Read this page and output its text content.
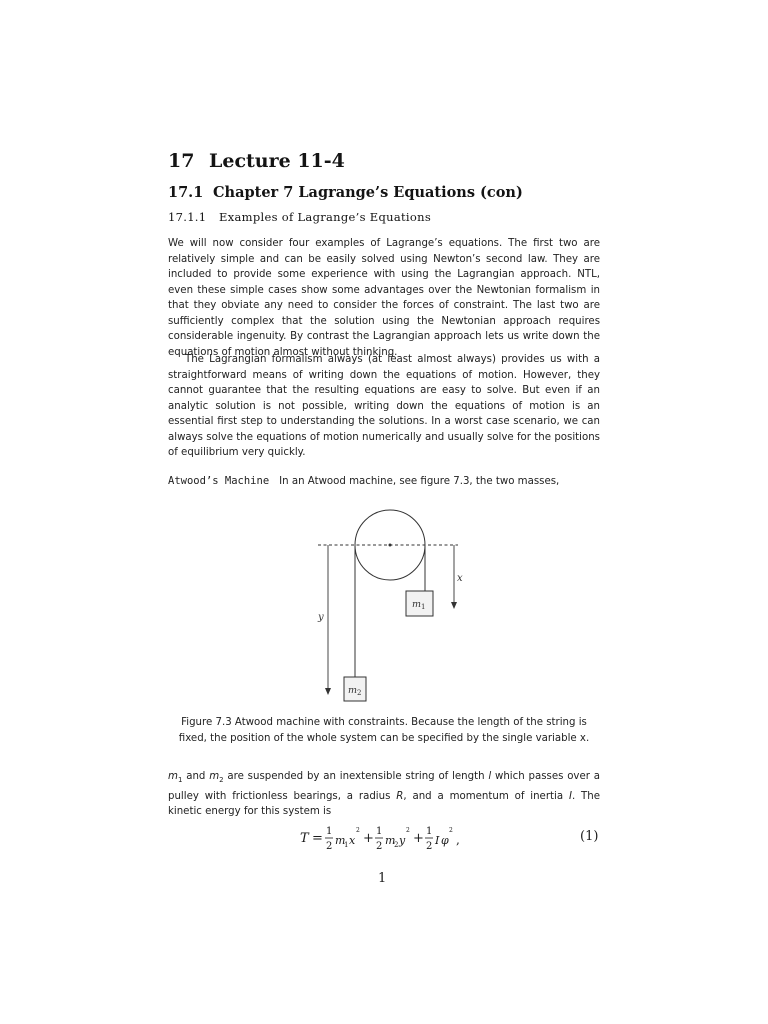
17 Lecture 11-4
17.1 Chapter 7 Lagrange’s Equations (con)
17.1.1 Examples of Lagrange’s Equations
We will now consider four examples of Lagrange’s equations. The first two are relatively simple and can be easily solved using Newton’s second law. They are included to provide some experience with using the Lagrangian approach. NTL, even these simple cases show some advantages over the Newtonian formalism in that they obviate any need to consider the forces of constraint. The last two are sufficiently complex that the solution using the Newtonian approach requires considerable ingenuity. By contrast the Lagrangian approach lets us write down the equations of motion almost without thinking.
The Lagrangian formalism always (at least almost always) provides us with a straightforward means of writing down the equations of motion. However, they cannot guarantee that the resulting equations are easy to solve. But even if an analytic solution is not possible, writing down the equations of motion is an essential first step to understanding the solutions. In a worst case scenario, we can always solve the equations of motion numerically and usually solve for the positions of equilibrium very quickly.
Atwood’s Machine In an Atwood machine, see figure 7.3, the two masses,
x
y
$m_1$
$m_2$
Figure 7.3 Atwood machine with constraints. Because the length of the string is fixed, the position of the whole system can be specified by the single variable x.
$m_1$ and $m_2$ are suspended by an inextensible string of length l which passes over a pulley with frictionless bearings, a radius R, and a momentum of inertia I. The kinetic energy for this system is
T = 1
2 m
1 x
2
+ 1
2 m
2 y
2
+ 1
2 I φ
2
,	(1)
1
